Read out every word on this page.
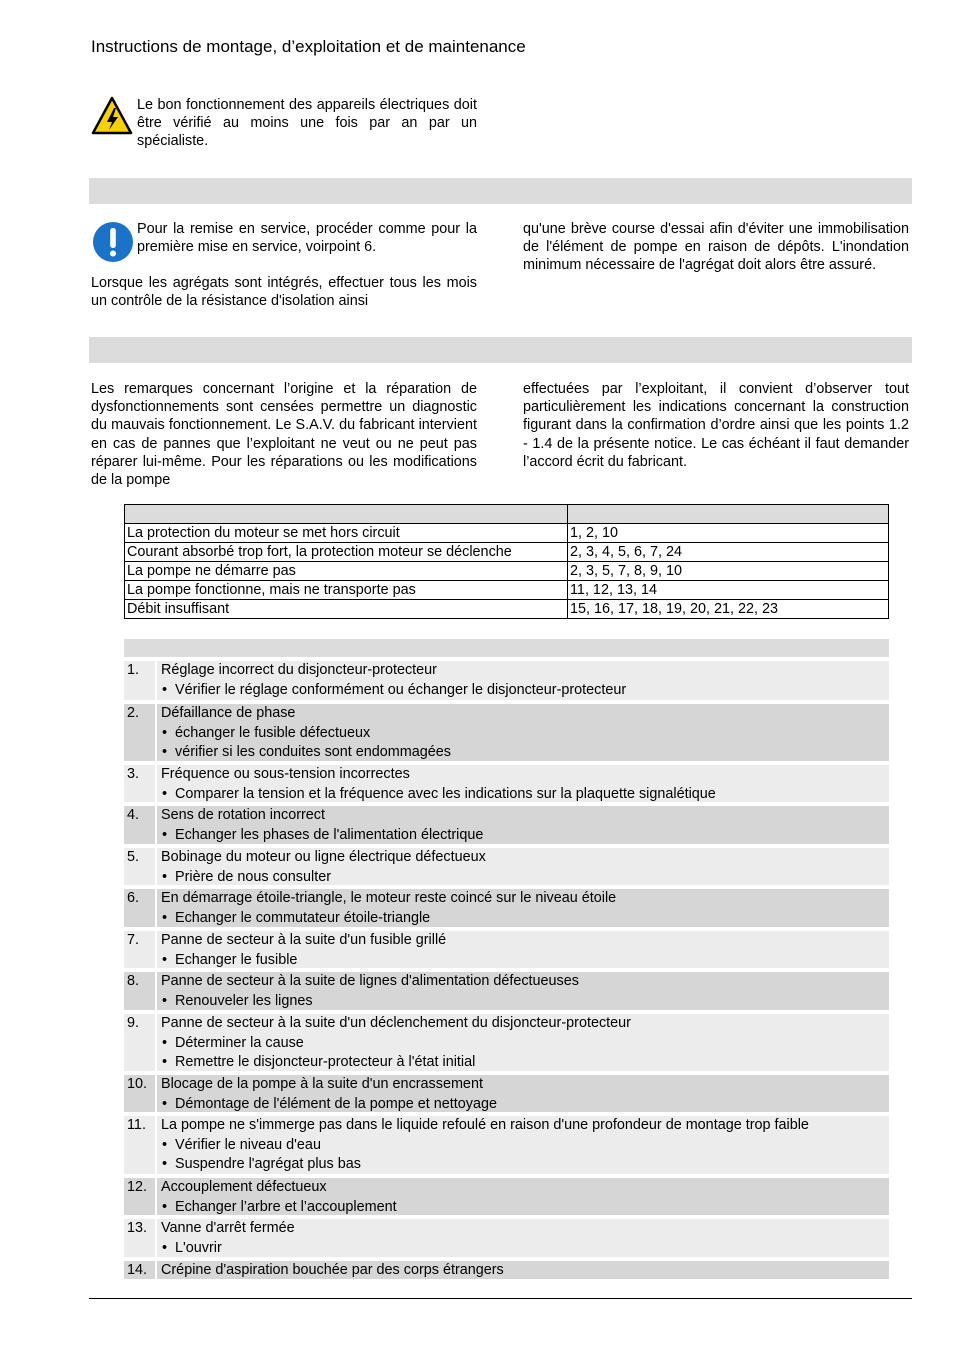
Instructions de montage, d’exploitation et de maintenance
Le bon fonctionnement des appareils électriques doit être vérifié au moins une fois par an par un spécialiste.
Pour la remise en service, procéder comme pour la première mise en service, voirpoint 6.
Lorsque les agrégats sont intégrés, effectuer tous les mois un contrôle de la résistance d'isolation ainsi
qu'une brève course d'essai afin d'éviter une immobilisation de l'élément de pompe en raison de dépôts. L'inondation minimum nécessaire de l'agrégat doit alors être assuré.
Les remarques concernant l’origine et la réparation de dysfonctionnements sont censées permettre un diagnostic du mauvais fonctionnement. Le S.A.V. du fabricant intervient en cas de pannes que l’exploitant ne veut ou ne peut pas réparer lui-même. Pour les réparations ou les modifications de la pompe
effectuées par l’exploitant, il convient d’observer tout particulièrement les indications concernant la construction figurant dans la confirmation d’ordre ainsi que les points 1.2 - 1.4 de la présente notice. Le cas échéant il faut demander l’accord écrit du fabricant.

La protection du moteur se met hors circuit	1, 2, 10
Courant absorbé trop fort, la protection moteur se déclenche	2, 3, 4, 5, 6, 7, 24
La pompe ne démarre pas	2, 3, 5, 7, 8, 9, 10
La pompe fonctionne, mais ne transporte pas	11, 12, 13, 14
Débit insuffisant	15, 16, 17, 18, 19, 20, 21, 22, 23
1.	Réglage incorrect du disjoncteur-protecteur
• Vérifier le réglage conformément ou échanger le disjoncteur-protecteur
2.	Défaillance de phase
• échanger le fusible défectueux
• vérifier si les conduites sont endommagées
3.	Fréquence ou sous-tension incorrectes
• Comparer la tension et la fréquence avec les indications sur la plaquette signalétique
4.	Sens de rotation incorrect
• Echanger les phases de l'alimentation électrique
5.	Bobinage du moteur ou ligne électrique défectueux
• Prière de nous consulter
6.	En démarrage étoile-triangle, le moteur reste coincé sur le niveau étoile
• Echanger le commutateur étoile-triangle
7.	Panne de secteur à la suite d'un fusible grillé
• Echanger le fusible
8.	Panne de secteur à la suite de lignes d'alimentation défectueuses
• Renouveler les lignes
9.	Panne de secteur à la suite d'un déclenchement du disjoncteur-protecteur
• Déterminer la cause
• Remettre le disjoncteur-protecteur à l'état initial
10. Blocage de la pompe à la suite d'un encrassement
• Démontage de l'élément de la pompe et nettoyage
11.	La pompe ne s'immerge pas dans le liquide refoulé en raison d'une profondeur de montage trop faible
• Vérifier le niveau d'eau
• Suspendre l'agrégat plus bas
12. Accouplement défectueux
• Echanger l’arbre et l’accouplement
13. Vanne d'arrêt fermée
• L'ouvrir
14. Crépine d'aspiration bouchée par des corps étrangers
